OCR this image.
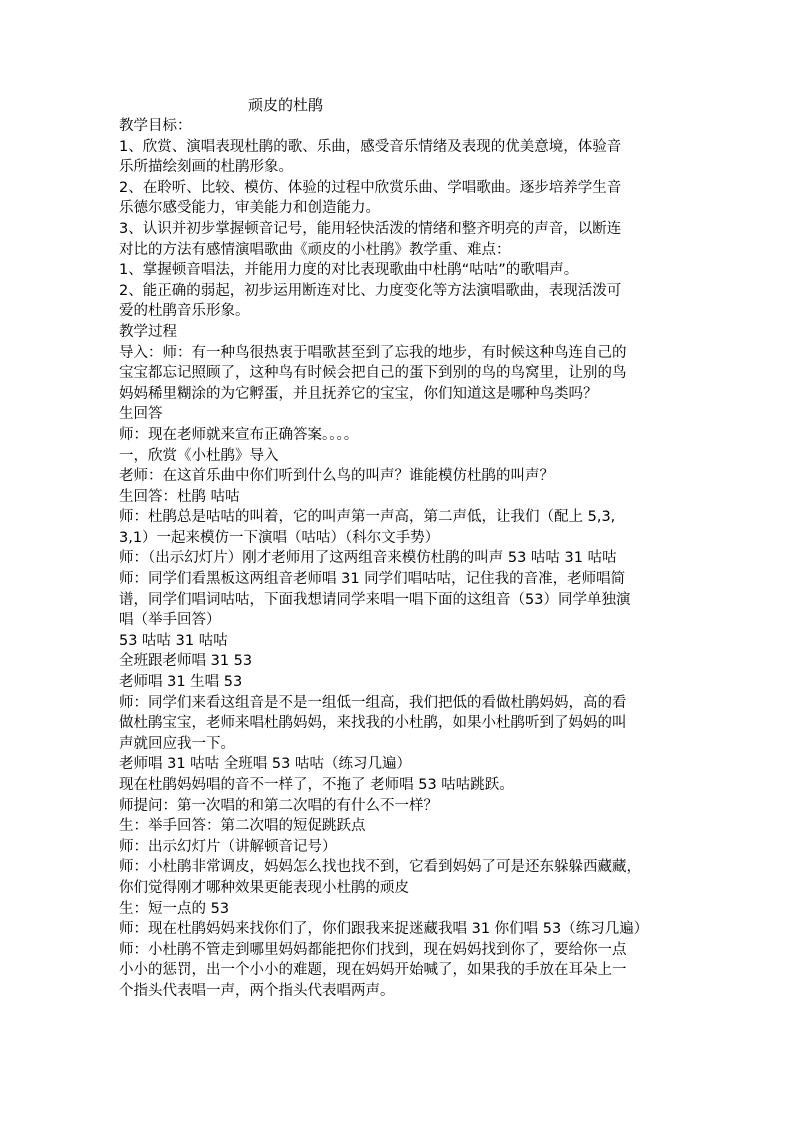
顽皮的杜鹃
教学目标：
1、欣赏、演唱表现杜鹃的歌、乐曲，感受音乐情绪及表现的优美意境，体验音
乐所描绘刻画的杜鹃形象。
2、在聆听、比较、模仿、体验的过程中欣赏乐曲、学唱歌曲。逐步培养学生音
乐德尔感受能力，审美能力和创造能力。
3、认识并初步掌握顿音记号，能用轻快活泼的情绪和整齐明亮的声音，以断连
对比的方法有感情演唱歌曲《顽皮的小杜鹃》教学重、难点：
1、掌握顿音唱法，并能用力度的对比表现歌曲中杜鹃“咕咕”的歌唱声。
2、能正确的弱起，初步运用断连对比、力度变化等方法演唱歌曲，表现活泼可
爱的杜鹃音乐形象。
教学过程
导入：师：有一种鸟很热衷于唱歌甚至到了忘我的地步，有时候这种鸟连自己的
宝宝都忘记照顾了，这种鸟有时候会把自己的蛋下到别的鸟的鸟窝里，让别的鸟
妈妈稀里糊涂的为它孵蛋，并且抚养它的宝宝，你们知道这是哪种鸟类吗？
生回答
师：现在老师就来宣布正确答案。。。。
一，欣赏《小杜鹃》导入
老师：在这首乐曲中你们听到什么鸟的叫声？谁能模仿杜鹃的叫声？
生回答：杜鹃 咕咕
师：杜鹃总是咕咕的叫着，它的叫声第一声高，第二声低，让我们（配上 5,3,
3,1）一起来模仿一下演唱（咕咕）（科尔文手势）
师：（出示幻灯片）刚才老师用了这两组音来模仿杜鹃的叫声 53 咕咕 31 咕咕
师：同学们看黑板这两组音老师唱 31 同学们唱咕咕，记住我的音准，老师唱简
谱，同学们唱词咕咕，下面我想请同学来唱一唱下面的这组音（53）同学单独演
唱（举手回答）
53 咕咕 31 咕咕
全班跟老师唱 31 53
老师唱 31 生唱 53
师：同学们来看这组音是不是一组低一组高，我们把低的看做杜鹃妈妈，高的看
做杜鹃宝宝，老师来唱杜鹃妈妈，来找我的小杜鹃，如果小杜鹃听到了妈妈的叫
声就回应我一下。
老师唱 31 咕咕 全班唱 53 咕咕（练习几遍）
现在杜鹃妈妈唱的音不一样了，不拖了 老师唱 53 咕咕跳跃。
师提问：第一次唱的和第二次唱的有什么不一样？
生：举手回答：第二次唱的短促跳跃点
师：出示幻灯片（讲解顿音记号）
师：小杜鹃非常调皮，妈妈怎么找也找不到，它看到妈妈了可是还东躲躲西藏藏，
你们觉得刚才哪种效果更能表现小杜鹃的顽皮
生：短一点的 53
师：现在杜鹃妈妈来找你们了，你们跟我来捉迷藏我唱 31 你们唱 53（练习几遍）
师：小杜鹃不管走到哪里妈妈都能把你们找到，现在妈妈找到你了，要给你一点
小小的惩罚，出一个小小的难题，现在妈妈开始喊了，如果我的手放在耳朵上一
个指头代表唱一声，两个指头代表唱两声。
